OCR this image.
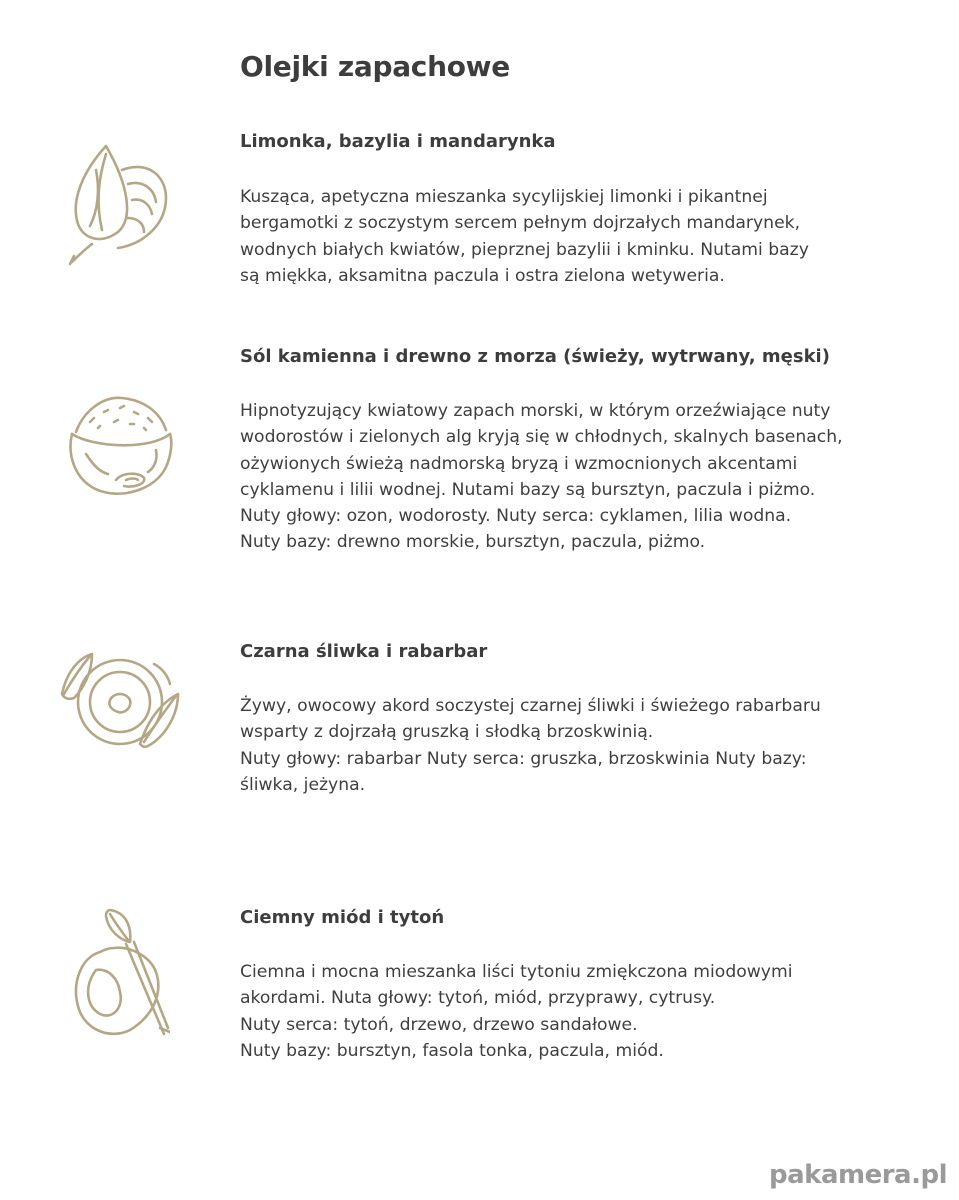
Olejki zapachowe
Limonka, bazylia i mandarynka

Kusząca, apetyczna mieszanka sycylijskiej limonki i pikantnej
bergamotki z soczystym sercem pełnym dojrzałych mandarynek,
wodnych białych kwiatów, pieprznej bazylii i kminku. Nutami bazy
są miękka, aksamitna paczula i ostra zielona wetyweria.

Sól kamienna i drewno z morza (świeży, wytrwany, męski)

Hipnotyzujący kwiatowy zapach morski, w którym orzeźwiające nuty
wodorostów i zielonych alg kryją się w chłodnych, skalnych basenach,
ożywionych świeżą nadmorską bryzą i wzmocnionych akcentami
cyklamenu i lilii wodnej. Nutami bazy są bursztyn, paczula i piżmo.
Nuty głowy: ozon, wodorosty. Nuty serca: cyklamen, lilia wodna.
Nuty bazy: drewno morskie, bursztyn, paczula, piżmo.

Czarna śliwka i rabarbar

Żywy, owocowy akord soczystej czarnej śliwki i świeżego rabarbaru
wsparty z dojrzałą gruszką i słodką brzoskwinią.
Nuty głowy: rabarbar Nuty serca: gruszka, brzoskwinia Nuty bazy:
śliwka, jeżyna.

Ciemny miód i tytoń

Ciemna i mocna mieszanka liści tytoniu zmiękczona miodowymi
akordami. Nuta głowy: tytoń, miód, przyprawy, cytrusy.
Nuty serca: tytoń, drzewo, drzewo sandałowe.
Nuty bazy: bursztyn, fasola tonka, paczula, miód.

pakamera.pl
